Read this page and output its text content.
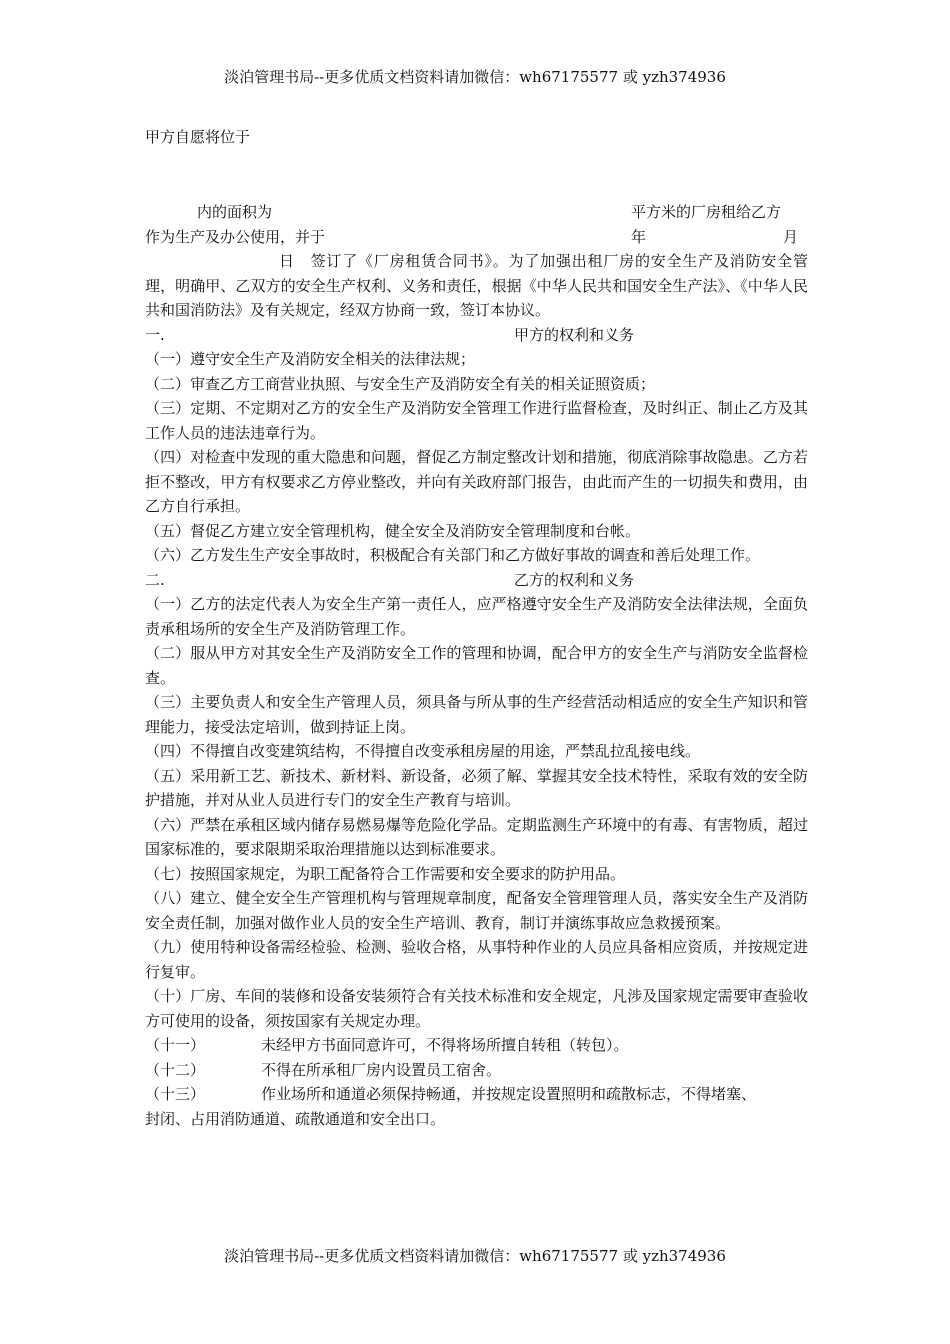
淡泊管理书局--更多优质文档资料请加微信：wh67175577 或 yzh374936

甲方自愿将位于

内的面积为	平方米的厂房租给乙方
作为生产及办公使用，并于	年	月

日　签订了《厂房租赁合同书》。为了加强出租厂房的安全生产及消防安全管理，明确甲、乙双方的安全生产权利、义务和责任，根据《中华人民共和国安全生产法》、《中华人民共和国消防法》及有关规定，经双方协商一致，签订本协议。

一.	甲方的权利和义务

（一）遵守安全生产及消防安全相关的法律法规；

（二）审查乙方工商营业执照、与安全生产及消防安全有关的相关证照资质；

（三）定期、不定期对乙方的安全生产及消防安全管理工作进行监督检查，及时纠正、制止乙方及其工作人员的违法违章行为。

（四）对检查中发现的重大隐患和问题，督促乙方制定整改计划和措施，彻底消除事故隐患。乙方若拒不整改，甲方有权要求乙方停业整改，并向有关政府部门报告，由此而产生的一切损失和费用，由乙方自行承担。

（五）督促乙方建立安全管理机构，健全安全及消防安全管理制度和台帐。

（六）乙方发生生产安全事故时，积极配合有关部门和乙方做好事故的调查和善后处理工作。

二.	乙方的权利和义务

（一）乙方的法定代表人为安全生产第一责任人，应严格遵守安全生产及消防安全法律法规，全面负责承租场所的安全生产及消防管理工作。

（二）服从甲方对其安全生产及消防安全工作的管理和协调，配合甲方的安全生产与消防安全监督检查。

（三）主要负责人和安全生产管理人员，须具备与所从事的生产经营活动相适应的安全生产知识和管理能力，接受法定培训，做到持证上岗。

（四）不得擅自改变建筑结构，不得擅自改变承租房屋的用途，严禁乱拉乱接电线。

（五）采用新工艺、新技术、新材料、新设备，必须了解、掌握其安全技术特性，采取有效的安全防护措施，并对从业人员进行专门的安全生产教育与培训。

（六）严禁在承租区域内储存易燃易爆等危险化学品。定期监测生产环境中的有毒、有害物质，超过国家标准的，要求限期采取治理措施以达到标准要求。

（七）按照国家规定，为职工配备符合工作需要和安全要求的防护用品。

（八）建立、健全安全生产管理机构与管理规章制度，配备安全管理管理人员，落实安全生产及消防安全责任制，加强对做作业人员的安全生产培训、教育，制订并演练事故应急救援预案。

（九）使用特种设备需经检验、检测、验收合格，从事特种作业的人员应具备相应资质，并按规定进行复审。

（十）厂房、车间的装修和设备安装须符合有关技术标准和安全规定，凡涉及国家规定需要审查验收方可使用的设备，须按国家有关规定办理。

（十一）	未经甲方书面同意许可，不得将场所擅自转租（转包）。
（十二）	不得在所承租厂房内设置员工宿舍。
（十三）	作业场所和通道必须保持畅通，并按规定设置照明和疏散标志，不得堵塞、

封闭、占用消防通道、疏散通道和安全出口。

淡泊管理书局--更多优质文档资料请加微信：wh67175577 或 yzh374936
